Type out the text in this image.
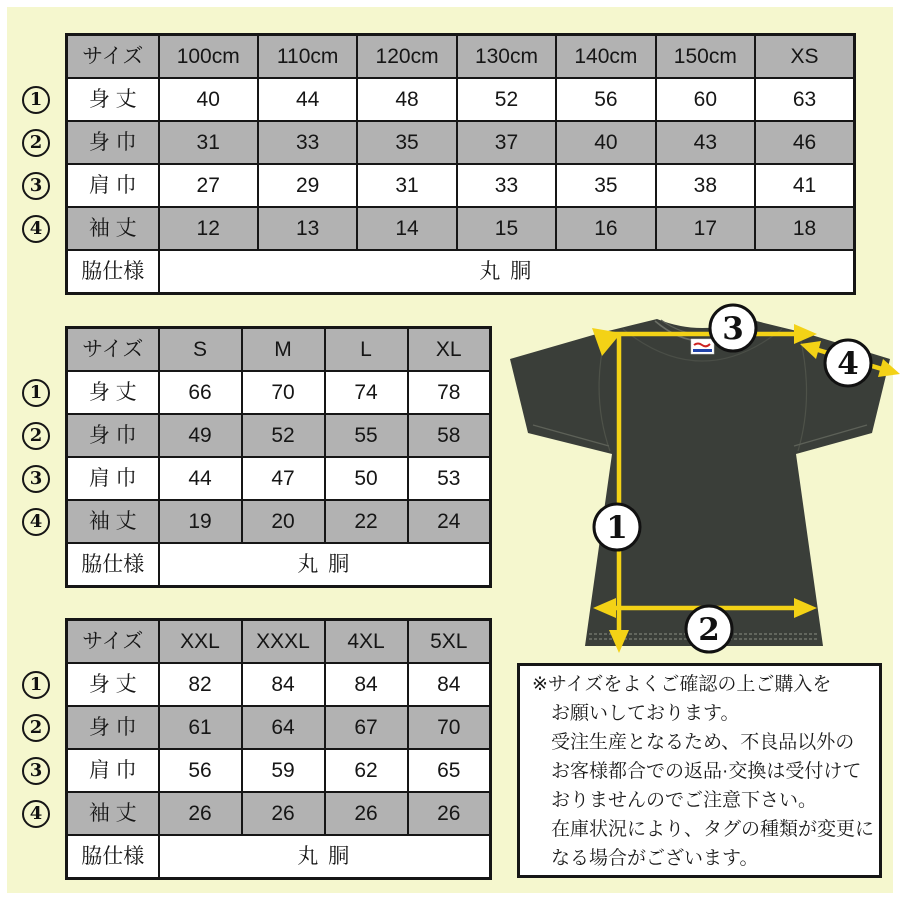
サイズ	100cm	110cm	120cm	130cm	140cm	150cm	XS
身 丈	40	44	48	52	56	60	63
身 巾	31	33	35	37	40	43	46
肩 巾	27	29	31	33	35	38	41
袖 丈	12	13	14	15	16	17	18
脇仕様	丸 胴						
1
2
3
4
サイズ	S	M	L	XL
身 丈	66	70	74	78
身 巾	49	52	55	58
肩 巾	44	47	50	53
袖 丈	19	20	22	24
脇仕様	丸 胴			
1
2
3
4
サイズ	XXL	XXXL	4XL	5XL
身 丈	82	84	84	84
身 巾	61	64	67	70
肩 巾	56	59	62	65
袖 丈	26	26	26	26
脇仕様	丸 胴			
1
2
3
4
1
2
3
4
※サイズをよくご確認の上ご購入を
お願いしております。
受注生産となるため、不良品以外の
お客様都合での返品·交換は受付けて
おりませんのでご注意下さい。
在庫状況により、タグの種類が変更に
なる場合がございます。
